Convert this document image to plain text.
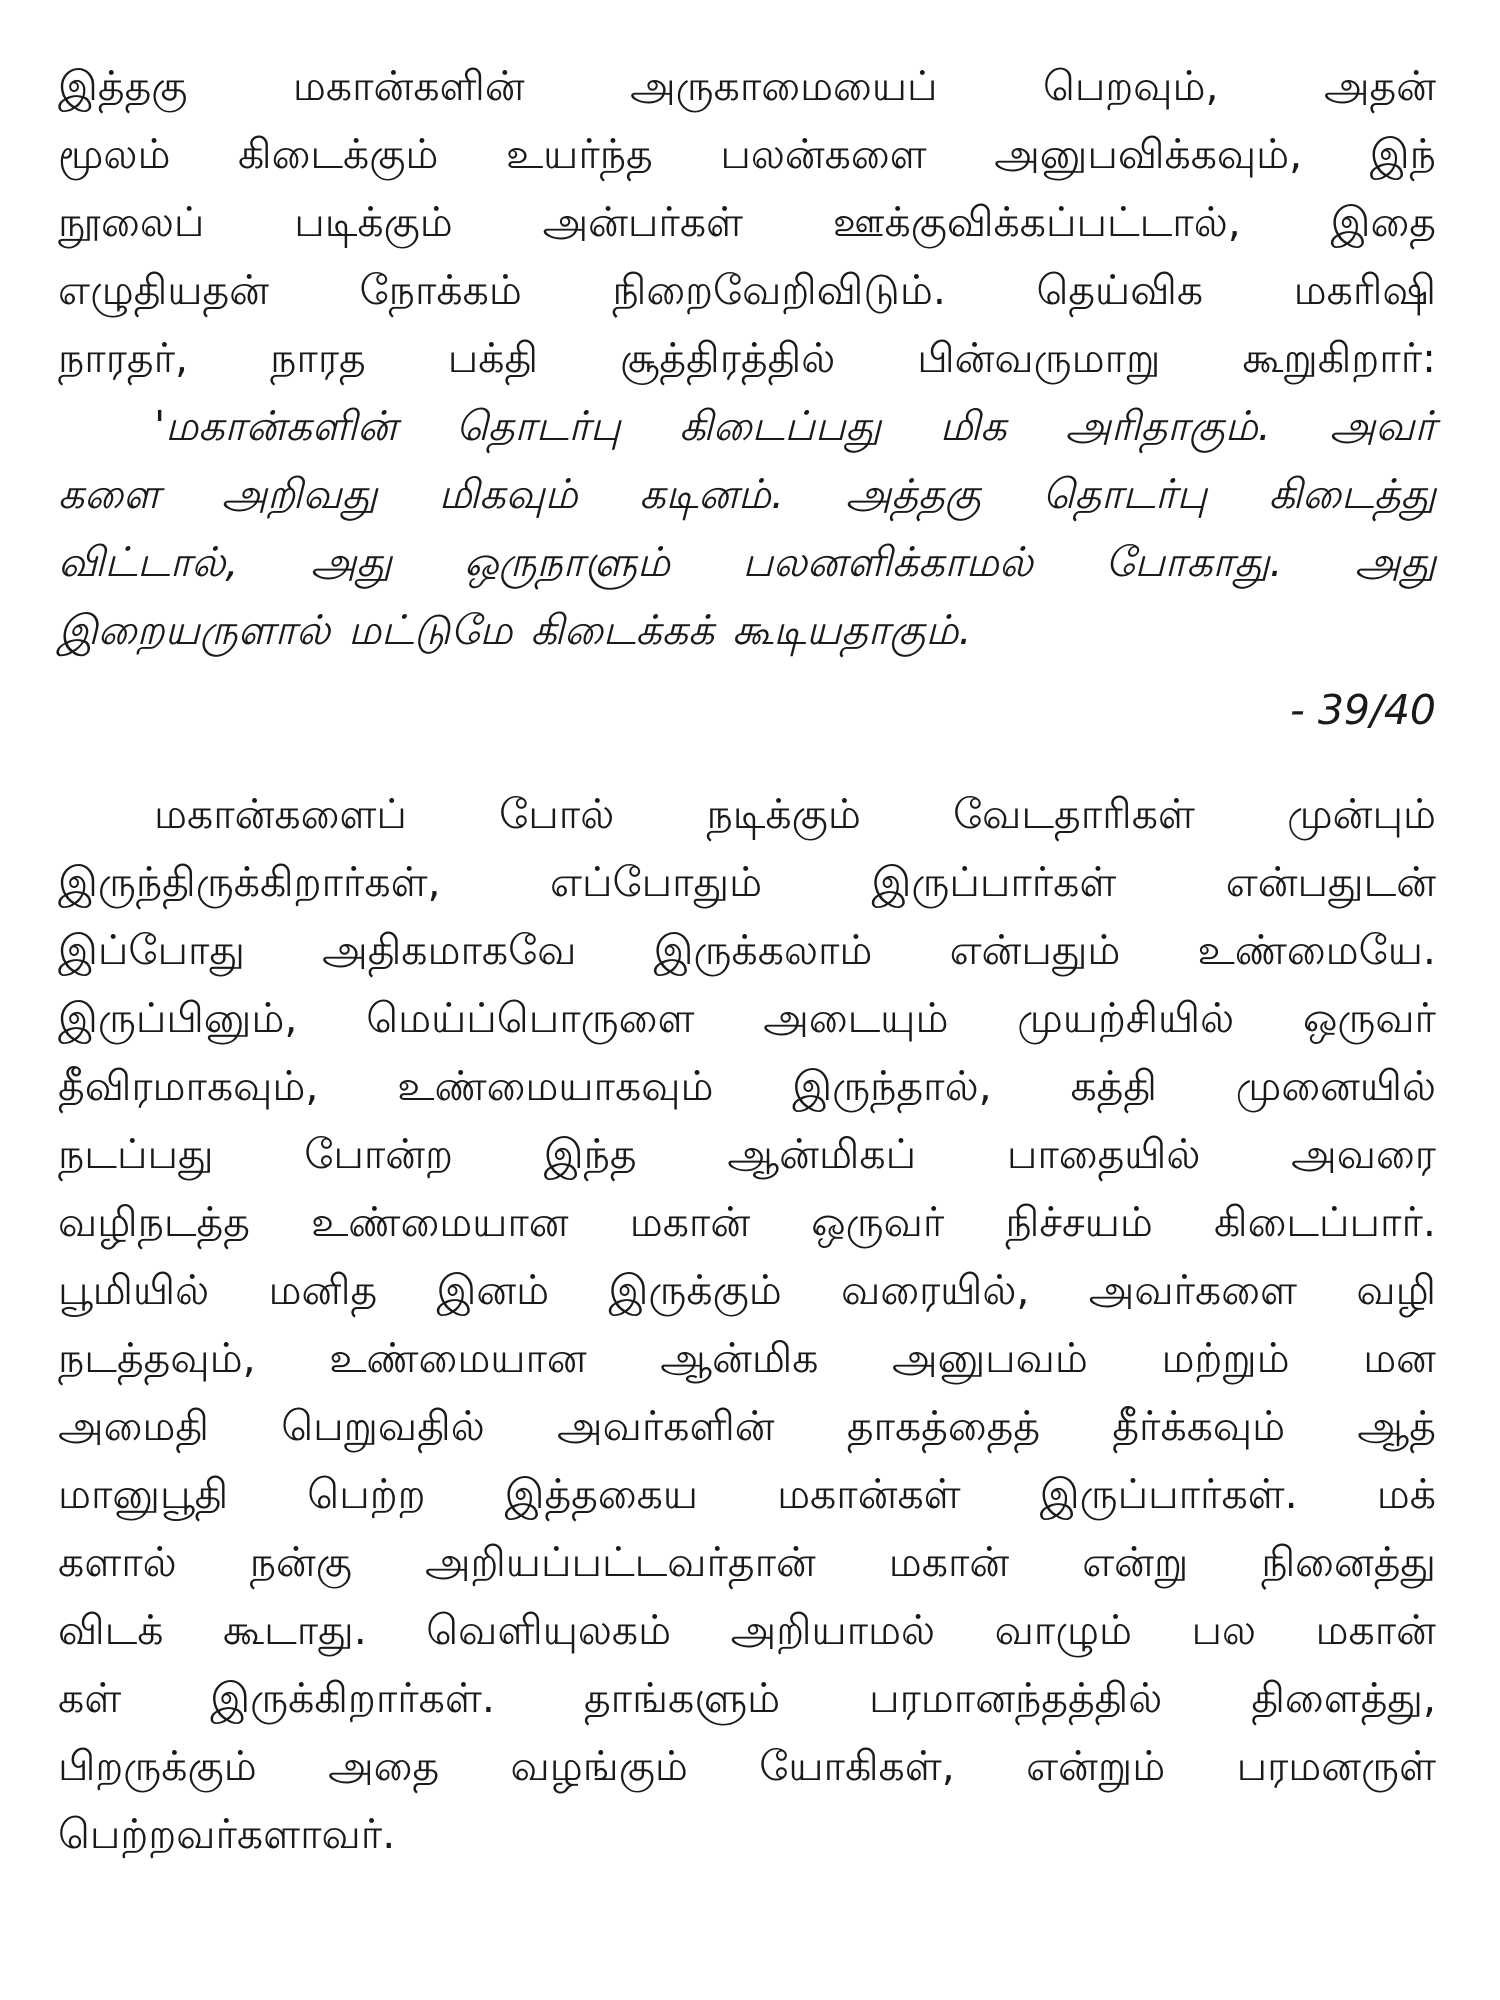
இத்தகு	மகான்களின்	அருகாமையைப்	பெறவும்,	அதன்
மூலம் கிடைக்கும் உயர்ந்த பலன்களை அனுபவிக்கவும், இந்
நூலைப் படிக்கும் அன்பர்கள் ஊக்குவிக்கப்பட்டால், இதை
எழுதியதன் நோக்கம் நிறைவேறிவிடும். தெய்விக மகரிஷி
நாரதர், நாரத பக்தி சூத்திரத்தில் பின்வருமாறு கூறுகிறார்:
'மகான்களின் தொடர்பு கிடைப்பது மிக அரிதாகும். அவர்
களை அறிவது மிகவும் கடினம். அத்தகு தொடர்பு கிடைத்து
விட்டால், அது ஒருநாளும் பலனளிக்காமல் போகாது. அது
இறையருளால் மட்டுமே கிடைக்கக் கூடியதாகும்.
- 39/40
மகான்களைப் போல் நடிக்கும் வேடதாரிகள் முன்பும்
இருந்திருக்கிறார்கள்,	எப்போதும்	இருப்பார்கள்	என்பதுடன்
இப்போது அதிகமாகவே இருக்கலாம் என்பதும் உண்மையே.
இருப்பினும், மெய்ப்பொருளை அடையும் முயற்சியில் ஒருவர்
தீவிரமாகவும், உண்மையாகவும் இருந்தால், கத்தி முனையில்
நடப்பது போன்ற இந்த ஆன்மிகப் பாதையில் அவரை
வழிநடத்த உண்மையான மகான் ஒருவர் நிச்சயம் கிடைப்பார்.
பூமியில் மனித இனம் இருக்கும் வரையில், அவர்களை வழி
நடத்தவும், உண்மையான ஆன்மிக அனுபவம் மற்றும் மன
அமைதி பெறுவதில் அவர்களின் தாகத்தைத் தீர்க்கவும் ஆத்
மானுபூதி பெற்ற இத்தகைய மகான்கள் இருப்பார்கள். மக்
களால் நன்கு அறியப்பட்டவர்தான் மகான் என்று நினைத்து
விடக் கூடாது. வெளியுலகம் அறியாமல் வாழும் பல மகான்
கள் இருக்கிறார்கள். தாங்களும் பரமானந்தத்தில் திளைத்து,
பிறருக்கும் அதை வழங்கும் யோகிகள், என்றும் பரமனருள்
பெற்றவர்களாவர்.
